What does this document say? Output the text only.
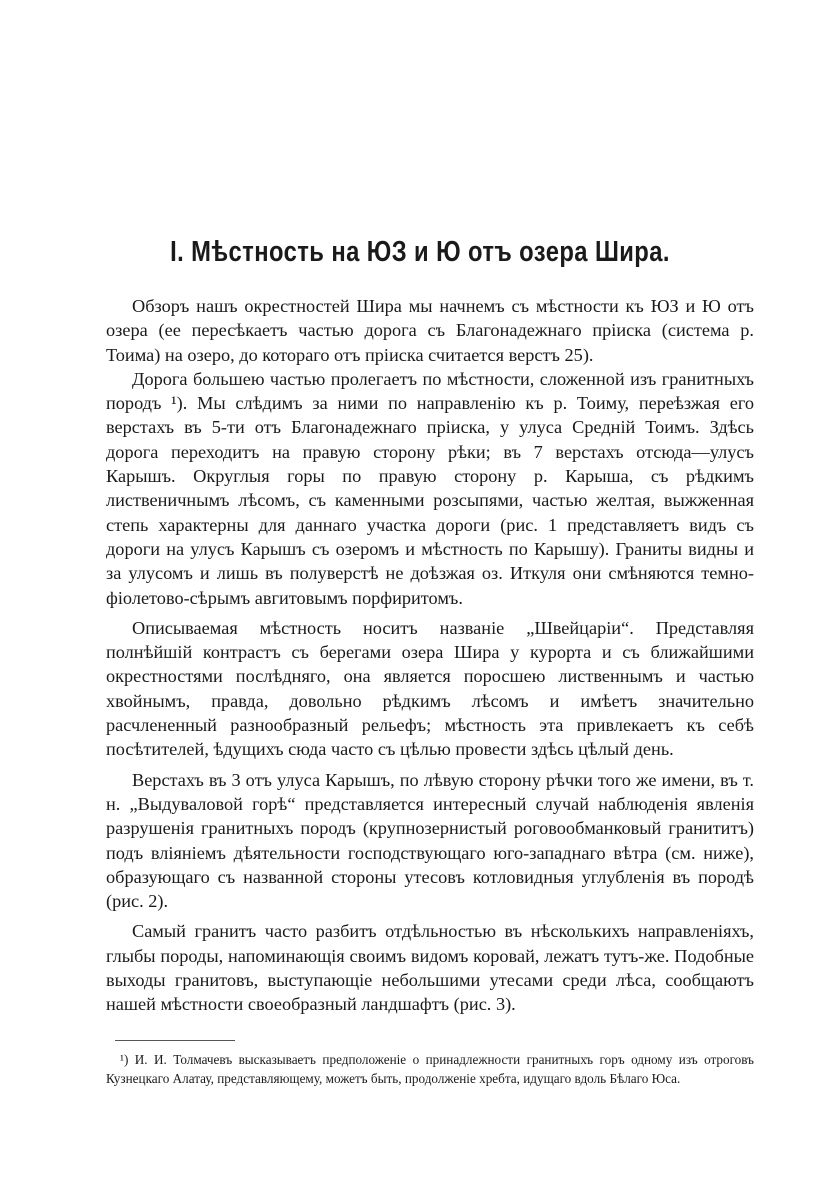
I. Мѣстность на ЮЗ и Ю отъ озера Шира.

Обзоръ нашъ окрестностей Шира мы начнемъ съ мѣстности къ ЮЗ и Ю отъ озера (ее пересѣкаетъ частью дорога съ Благонадежнаго прiиска (система р. Тоима) на озеро, до котораго отъ прiиска считается верстъ 25).

Дорога большею частью пролегаетъ по мѣстности, сложенной изъ гранитныхъ породъ ¹). Мы слѣдимъ за ними по направленiю къ р. Тоиму, переѣзжая его верстахъ въ 5-ти отъ Благонадежнаго прiиска, у улуса Средній Тоимъ. Здѣсь дорога переходитъ на правую сторону рѣки; въ 7 верстахъ отсюда—улусъ Карышъ. Округлыя горы по правую сторону р. Карыша, съ рѣдкимъ лиственичнымъ лѣсомъ, съ каменными розсыпями, частью желтая, выжженная степь характерны для даннаго участка дороги (рис. 1 представляетъ видъ съ дороги на улусъ Карышъ съ озеромъ и мѣстность по Карышу). Граниты видны и за улусомъ и лишь въ полуверстѣ не доѣзжая оз. Иткуля они смѣняются темно-фiолетово-сѣрымъ авгитовымъ порфиритомъ.

Описываемая мѣстность носитъ названiе „Швейцарiи“. Представляя полнѣйшiй контрастъ съ берегами озера Шира у курорта и съ ближайшими окрестностями послѣдняго, она является поросшею лиственнымъ и частью хвойнымъ, правда, довольно рѣдкимъ лѣсомъ и имѣетъ значительно расчлененный разнообразный рельефъ; мѣстность эта привлекаетъ къ себѣ посѣтителей, ѣдущихъ сюда часто съ цѣлью провести здѣсь цѣлый день.

Верстахъ въ 3 отъ улуса Карышъ, по лѣвую сторону рѣчки того же имени, въ т. н. „Выдуваловой горѣ“ представляется интересный случай наблюденiя явленiя разрушенiя гранитныхъ породъ (крупнозернистый роговообманковый гранититъ) подъ влiянiемъ дѣятельности господствующаго юго-западнаго вѣтра (см. ниже), образующаго съ названной стороны утесовъ котловидныя углубленiя въ породѣ (рис. 2).

Самый гранитъ часто разбитъ отдѣльностью въ нѣсколькихъ направленiяхъ, глыбы породы, напоминающiя своимъ видомъ коровай, лежатъ тутъ-же. Подобные выходы гранитовъ, выступающiе небольшими утесами среди лѣса, сообщаютъ нашей мѣстности своеобразный ландшафтъ (рис. 3).

¹) И. И. Толмачевъ высказываетъ предположенiе о принадлежности гранитныхъ горъ одному изъ отроговъ Кузнецкаго Алатау, представляющему, можетъ быть, продолженiе хребта, идущаго вдоль Бѣлаго Юса.
